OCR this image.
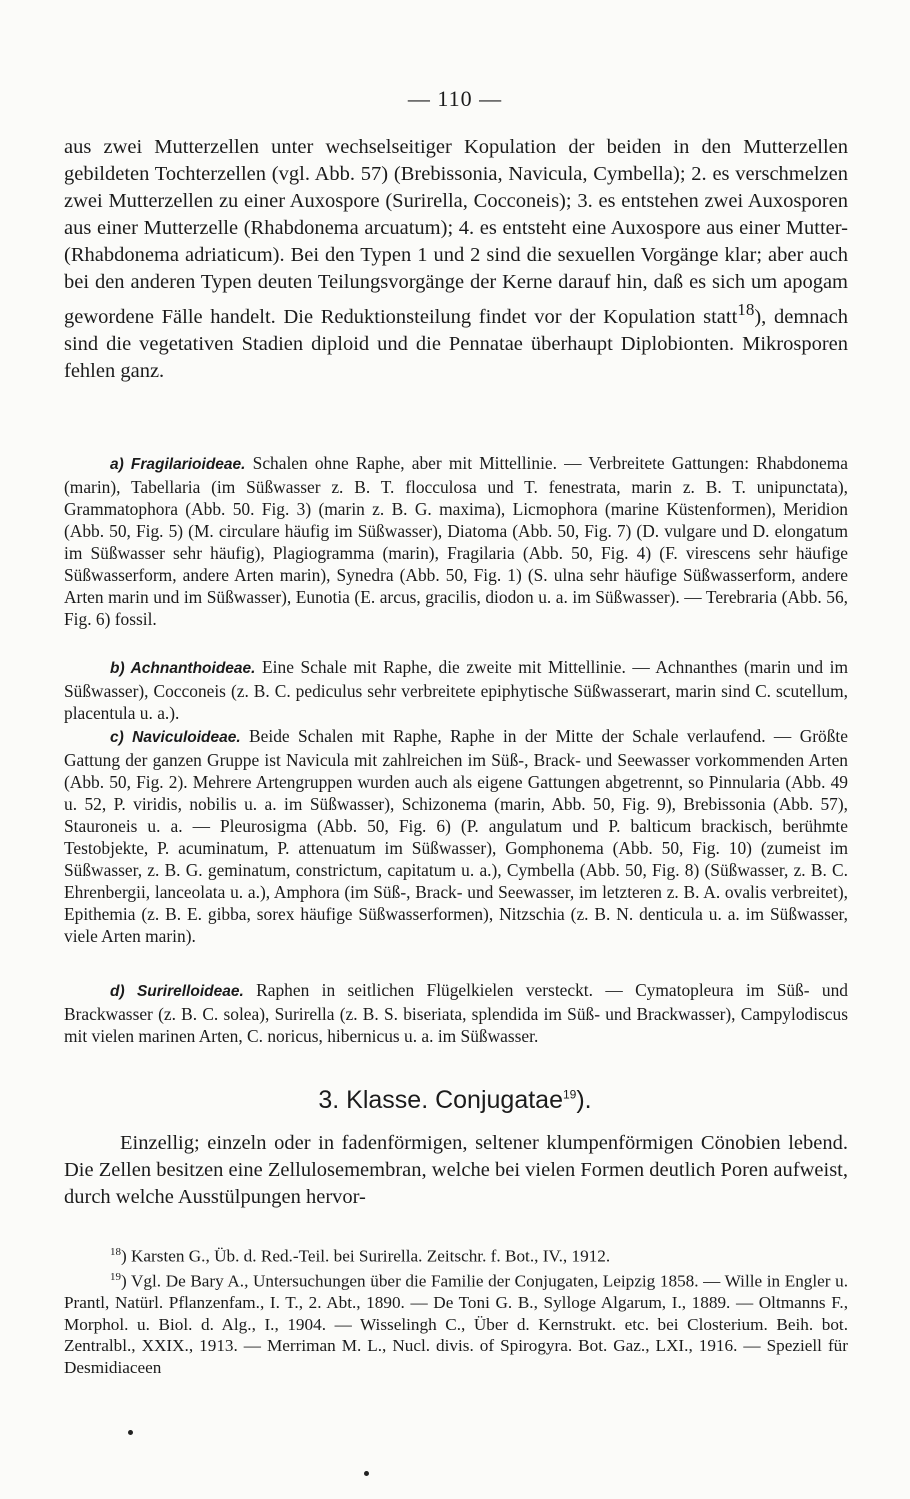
— 110 —

aus zwei Mutterzellen unter wechselseitiger Kopulation der beiden in den Mutterzellen gebildeten Tochterzellen (vgl. Abb. 57) (Brebissonia, Navicula, Cymbella); 2. es verschmelzen zwei Mutterzellen zu einer Auxospore (Surirella, Cocconeis); 3. es entstehen zwei Auxosporen aus einer Mutterzelle (Rhabdonema arcuatum); 4. es entsteht eine Auxospore aus einer Mutter- (Rhabdonema adriaticum). Bei den Typen 1 und 2 sind die sexuellen Vorgänge klar; aber auch bei den anderen Typen deuten Teilungsvorgänge der Kerne darauf hin, daß es sich um apogam gewordene Fälle handelt. Die Reduktionsteilung findet vor der Kopulation statt$^{18}$), demnach sind die vegetativen Stadien diploid und die Pennatae überhaupt Diplobionten. Mikrosporen fehlen ganz.

a) Fragilarioideae. Schalen ohne Raphe, aber mit Mittellinie. — Verbreitete Gattungen: Rhabdonema (marin), Tabellaria (im Süßwasser z. B. T. flocculosa und T. fenestrata, marin z. B. T. unipunctata), Grammatophora (Abb. 50. Fig. 3) (marin z. B. G. maxima), Licmophora (marine Küstenformen), Meridion (Abb. 50, Fig. 5) (M. circulare häufig im Süßwasser), Diatoma (Abb. 50, Fig. 7) (D. vulgare und D. elongatum im Süßwasser sehr häufig), Plagiogramma (marin), Fragilaria (Abb. 50, Fig. 4) (F. virescens sehr häufige Süßwasserform, andere Arten marin), Synedra (Abb. 50, Fig. 1) (S. ulna sehr häufige Süßwasserform, andere Arten marin und im Süßwasser), Eunotia (E. arcus, gracilis, diodon u. a. im Süßwasser). — Terebraria (Abb. 56, Fig. 6) fossil.

b) Achnanthoideae. Eine Schale mit Raphe, die zweite mit Mittellinie. — Achnanthes (marin und im Süßwasser), Cocconeis (z. B. C. pediculus sehr verbreitete epiphytische Süßwasserart, marin sind C. scutellum, placentula u. a.).

c) Naviculoideae. Beide Schalen mit Raphe, Raphe in der Mitte der Schale verlaufend. — Größte Gattung der ganzen Gruppe ist Navicula mit zahlreichen im Süß-, Brack- und Seewasser vorkommenden Arten (Abb. 50, Fig. 2). Mehrere Artengruppen wurden auch als eigene Gattungen abgetrennt, so Pinnularia (Abb. 49 u. 52, P. viridis, nobilis u. a. im Süßwasser), Schizonema (marin, Abb. 50, Fig. 9), Brebissonia (Abb. 57), Stauroneis u. a. — Pleurosigma (Abb. 50, Fig. 6) (P. angulatum und P. balticum brackisch, berühmte Testobjekte, P. acuminatum, P. attenuatum im Süßwasser), Gomphonema (Abb. 50, Fig. 10) (zumeist im Süßwasser, z. B. G. geminatum, constrictum, capitatum u. a.), Cymbella (Abb. 50, Fig. 8) (Süßwasser, z. B. C. Ehrenbergii, lanceolata u. a.), Amphora (im Süß-, Brack- und Seewasser, im letzteren z. B. A. ovalis verbreitet), Epithemia (z. B. E. gibba, sorex häufige Süßwasserformen), Nitzschia (z. B. N. denticula u. a. im Süßwasser, viele Arten marin).

d) Surirelloideae. Raphen in seitlichen Flügelkielen versteckt. — Cymatopleura im Süß- und Brackwasser (z. B. C. solea), Surirella (z. B. S. biseriata, splendida im Süß- und Brackwasser), Campylodiscus mit vielen marinen Arten, C. noricus, hibernicus u. a. im Süßwasser.

3. Klasse. Conjugatae$^{19}$).

Einzellig; einzeln oder in fadenförmigen, seltener klumpenförmigen Cönobien lebend. Die Zellen besitzen eine Zellulosemembran, welche bei vielen Formen deutlich Poren aufweist, durch welche Ausstülpungen hervor-

$^{18}$) Karsten G., Üb. d. Red.-Teil. bei Surirella. Zeitschr. f. Bot., IV., 1912.

$^{19}$) Vgl. De Bary A., Untersuchungen über die Familie der Conjugaten, Leipzig 1858. — Wille in Engler u. Prantl, Natürl. Pflanzenfam., I. T., 2. Abt., 1890. — De Toni G. B., Sylloge Algarum, I., 1889. — Oltmanns F., Morphol. u. Biol. d. Alg., I., 1904. — Wisselingh C., Über d. Kernstrukt. etc. bei Closterium. Beih. bot. Zentralbl., XXIX., 1913. — Merriman M. L., Nucl. divis. of Spirogyra. Bot. Gaz., LXI., 1916. — Speziell für Desmidiaceen
